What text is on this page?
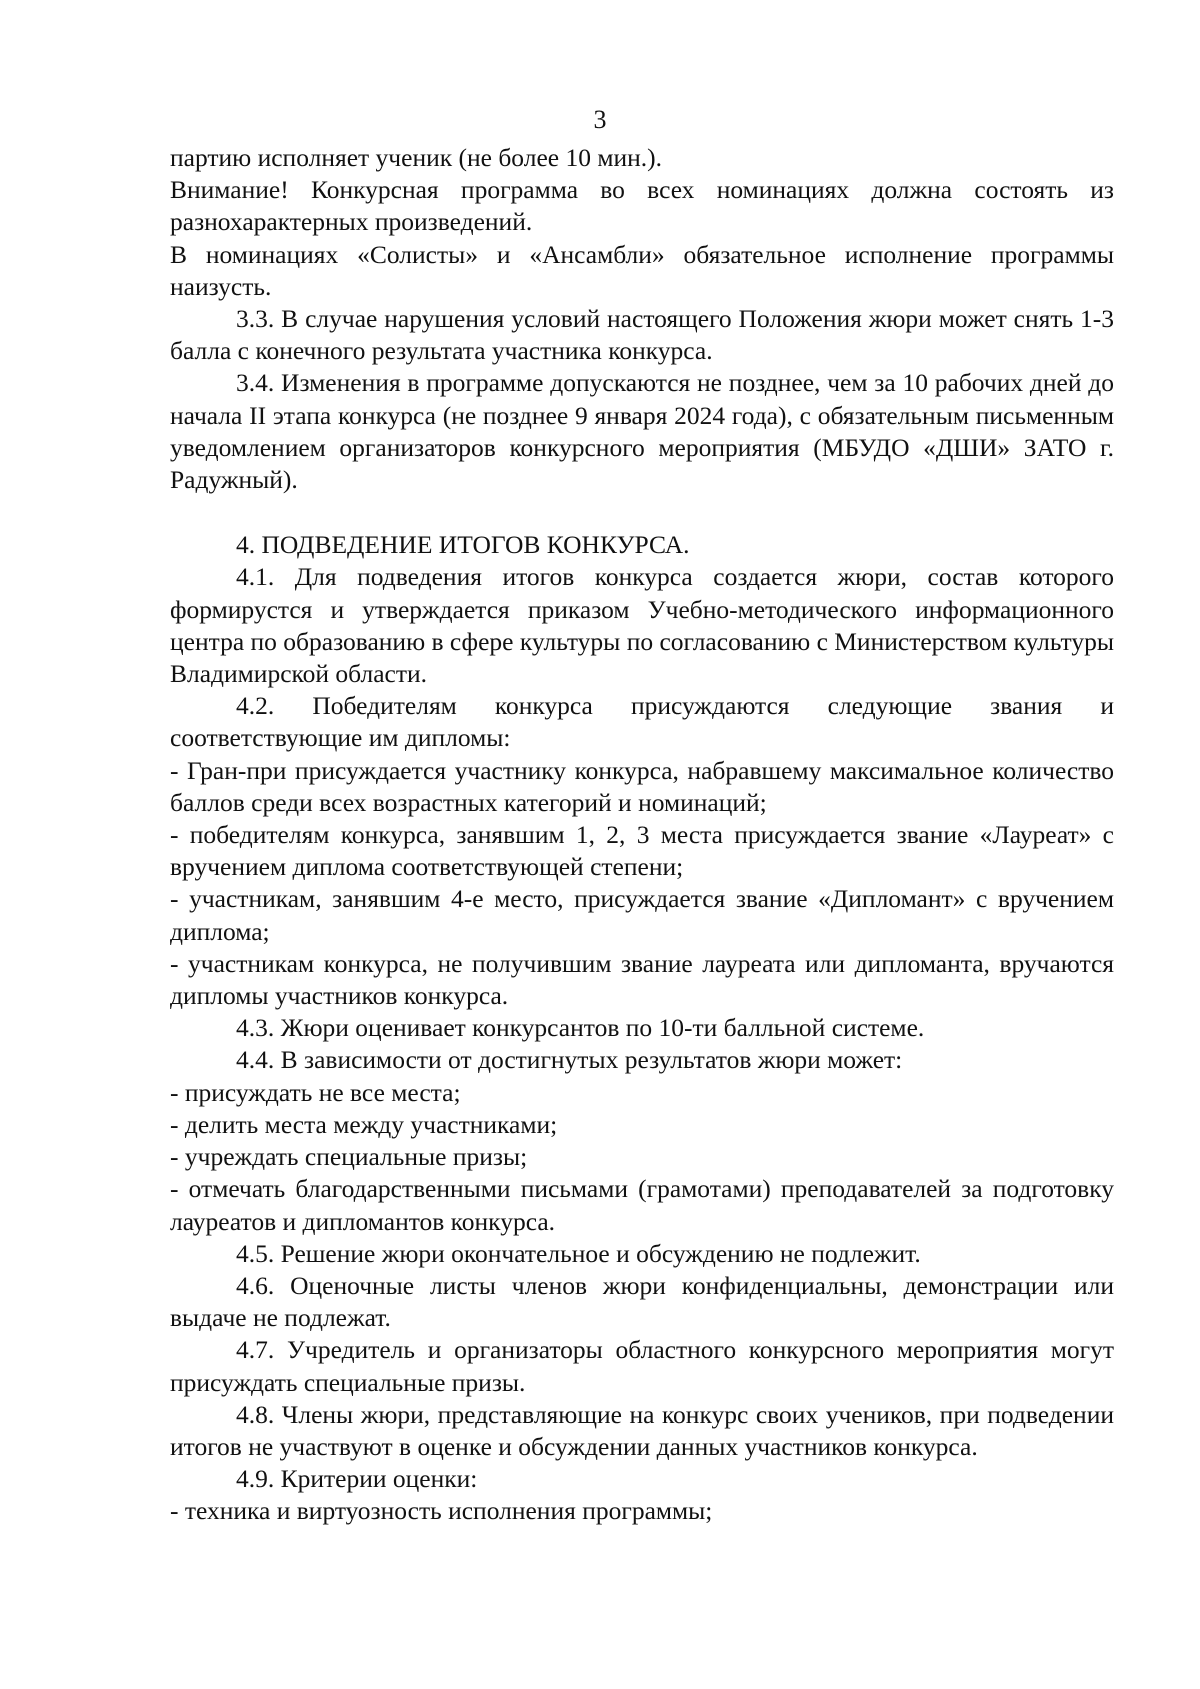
3

партию исполняет ученик (не более 10 мин.).

Внимание! Конкурсная программа во всех номинациях должна состоять из разнохарактерных произведений.

В номинациях «Солисты» и «Ансамбли» обязательное исполнение программы наизусть.

3.3. В случае нарушения условий настоящего Положения жюри может снять 1-3 балла с конечного результата участника конкурса.

3.4. Изменения в программе допускаются не позднее, чем за 10 рабочих дней до начала II этапа конкурса (не позднее 9 января 2024 года), с обязательным письменным уведомлением организаторов конкурсного мероприятия (МБУДО «ДШИ» ЗАТО г. Радужный).

4. ПОДВЕДЕНИЕ ИТОГОВ КОНКУРСА.

4.1. Для подведения итогов конкурса создается жюри, состав которого формирустся и утверждается приказом Учебно-методического информационного центра по образованию в сфере культуры по согласованию с Министерством культуры Владимирской области.

4.2. Победителям конкурса присуждаются следующие звания и соответствующие им дипломы:

- Гран-при присуждается участнику конкурса, набравшему максимальное количество баллов среди всех возрастных категорий и номинаций;

- победителям конкурса, занявшим 1, 2, 3 места присуждается звание «Лауреат» с вручением диплома соответствующей степени;

- участникам, занявшим 4-е место, присуждается звание «Дипломант» с вручением диплома;

- участникам конкурса, не получившим звание лауреата или дипломанта, вручаются дипломы участников конкурса.

4.3. Жюри оценивает конкурсантов по 10-ти балльной системе.

4.4. В зависимости от достигнутых результатов жюри может:

- присуждать не все места;

- делить места между участниками;

- учреждать специальные призы;

- отмечать благодарственными письмами (грамотами) преподавателей за подготовку лауреатов и дипломантов конкурса.

4.5. Решение жюри окончательное и обсуждению не подлежит.

4.6. Оценочные листы членов жюри конфиденциальны, демонстрации или выдаче не подлежат.

4.7. Учредитель и организаторы областного конкурсного мероприятия могут присуждать специальные призы.

4.8. Члены жюри, представляющие на конкурс своих учеников, при подведении итогов не участвуют в оценке и обсуждении данных участников конкурса.

4.9. Критерии оценки:

- техника и виртуозность исполнения программы;
